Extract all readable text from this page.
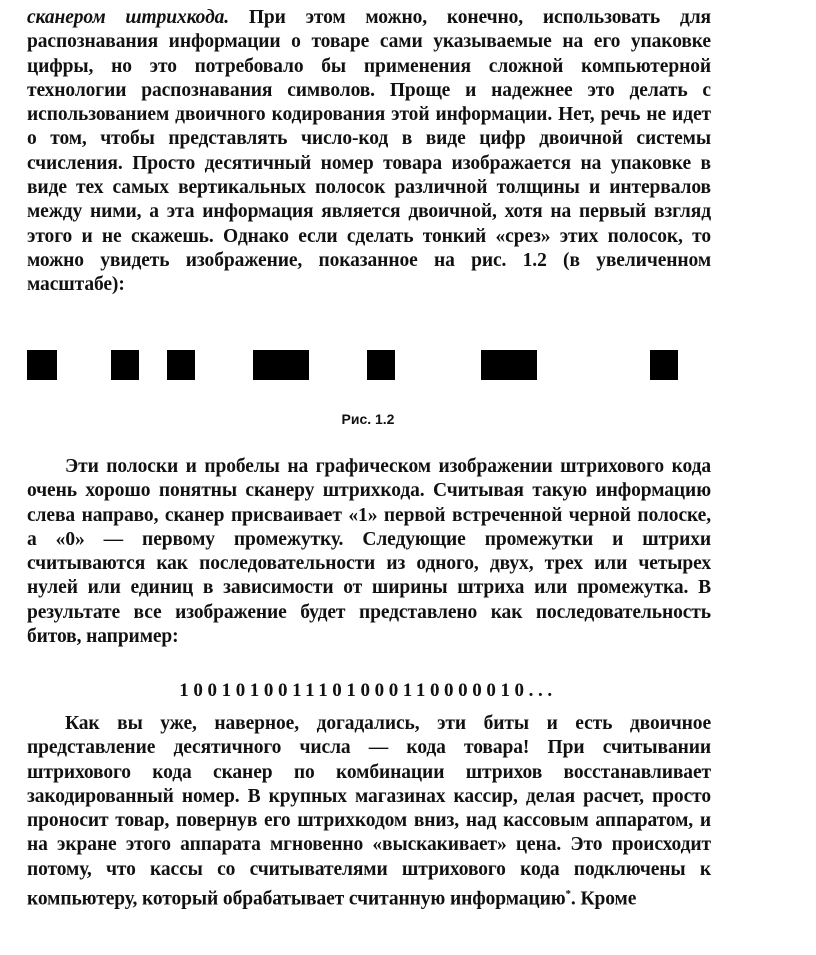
сканером штрихкода. При этом можно, конечно, использовать для распознавания информации о товаре сами указываемые на его упаковке цифры, но это потребовало бы применения сложной компьютерной технологии распознавания символов. Проще и надежнее это делать с использованием двоичного кодирования этой информации. Нет, речь не идет о том, чтобы представлять число-код в виде цифр двоичной системы счисления. Просто десятичный номер товара изображается на упаковке в виде тех самых вертикальных полосок различной толщины и интервалов между ними, а эта информация является двоичной, хотя на первый взгляд этого и не скажешь. Однако если сделать тонкий «срез» этих полосок, то можно увидеть изображение, показанное на рис. 1.2 (в увеличенном масштабе):

Рис. 1.2

Эти полоски и пробелы на графическом изображении штрихового кода очень хорошо понятны сканеру штрихкода. Считывая такую информацию слева направо, сканер присваивает «1» первой встреченной черной полоске, а «0» — первому промежутку. Следующие промежутки и штрихи считываются как последовательности из одного, двух, трех или четырех нулей или единиц в зависимости от ширины штриха или промежутка. В результате все изображение будет представлено как последовательность битов, например:

1001010011101000110000010...

Как вы уже, наверное, догадались, эти биты и есть двоичное представление десятичного числа — кода товара! При считывании штрихового кода сканер по комбинации штрихов восстанавливает закодированный номер. В крупных магазинах кассир, делая расчет, просто проносит товар, повернув его штрихкодом вниз, над кассовым аппаратом, и на экране этого аппарата мгновенно «выскакивает» цена. Это происходит потому, что кассы со считывателями штрихового кода подключены к компьютеру, который обрабатывает считанную информацию*. Кроме
